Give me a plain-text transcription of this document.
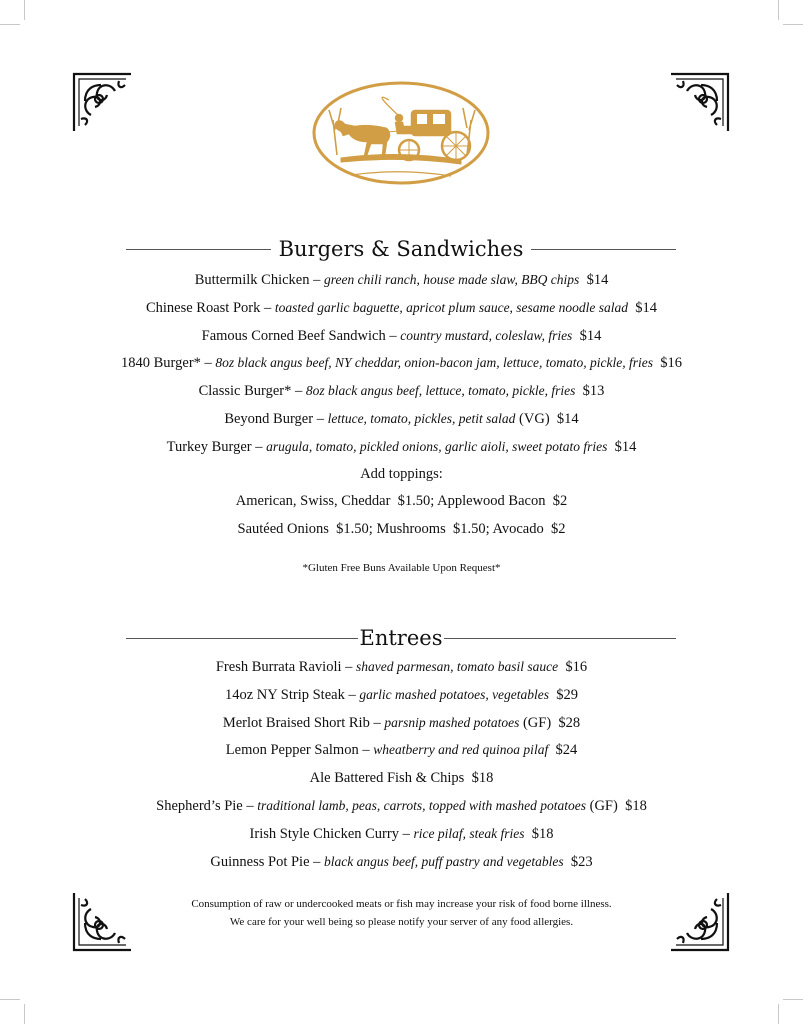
Burgers & Sandwiches
Buttermilk Chicken – green chili ranch, house made slaw, BBQ chips $14
Chinese Roast Pork – toasted garlic baguette, apricot plum sauce, sesame noodle salad $14
Famous Corned Beef Sandwich – country mustard, coleslaw, fries $14
1840 Burger* – 8oz black angus beef, NY cheddar, onion-bacon jam, lettuce, tomato, pickle, fries $16
Classic Burger* – 8oz black angus beef, lettuce, tomato, pickle, fries $13
Beyond Burger – lettuce, tomato, pickles, petit salad (VG) $14
Turkey Burger – arugula, tomato, pickled onions, garlic aioli, sweet potato fries $14
Add toppings:
American, Swiss, Cheddar  $1.50; Applewood Bacon  $2
Sautéed Onions  $1.50; Mushrooms  $1.50; Avocado  $2
*Gluten Free Buns Available Upon Request*
Entrees
Fresh Burrata Ravioli – shaved parmesan, tomato basil sauce $16
14oz NY Strip Steak – garlic mashed potatoes, vegetables $29
Merlot Braised Short Rib – parsnip mashed potatoes (GF) $28
Lemon Pepper Salmon – wheatberry and red quinoa pilaf $24
Ale Battered Fish & Chips $18
Shepherd’s Pie – traditional lamb, peas, carrots, topped with mashed potatoes (GF) $18
Irish Style Chicken Curry – rice pilaf, steak fries $18
Guinness Pot Pie – black angus beef, puff pastry and vegetables $23
Consumption of raw or undercooked meats or fish may increase your risk of food borne illness.
We care for your well being so please notify your server of any food allergies.
